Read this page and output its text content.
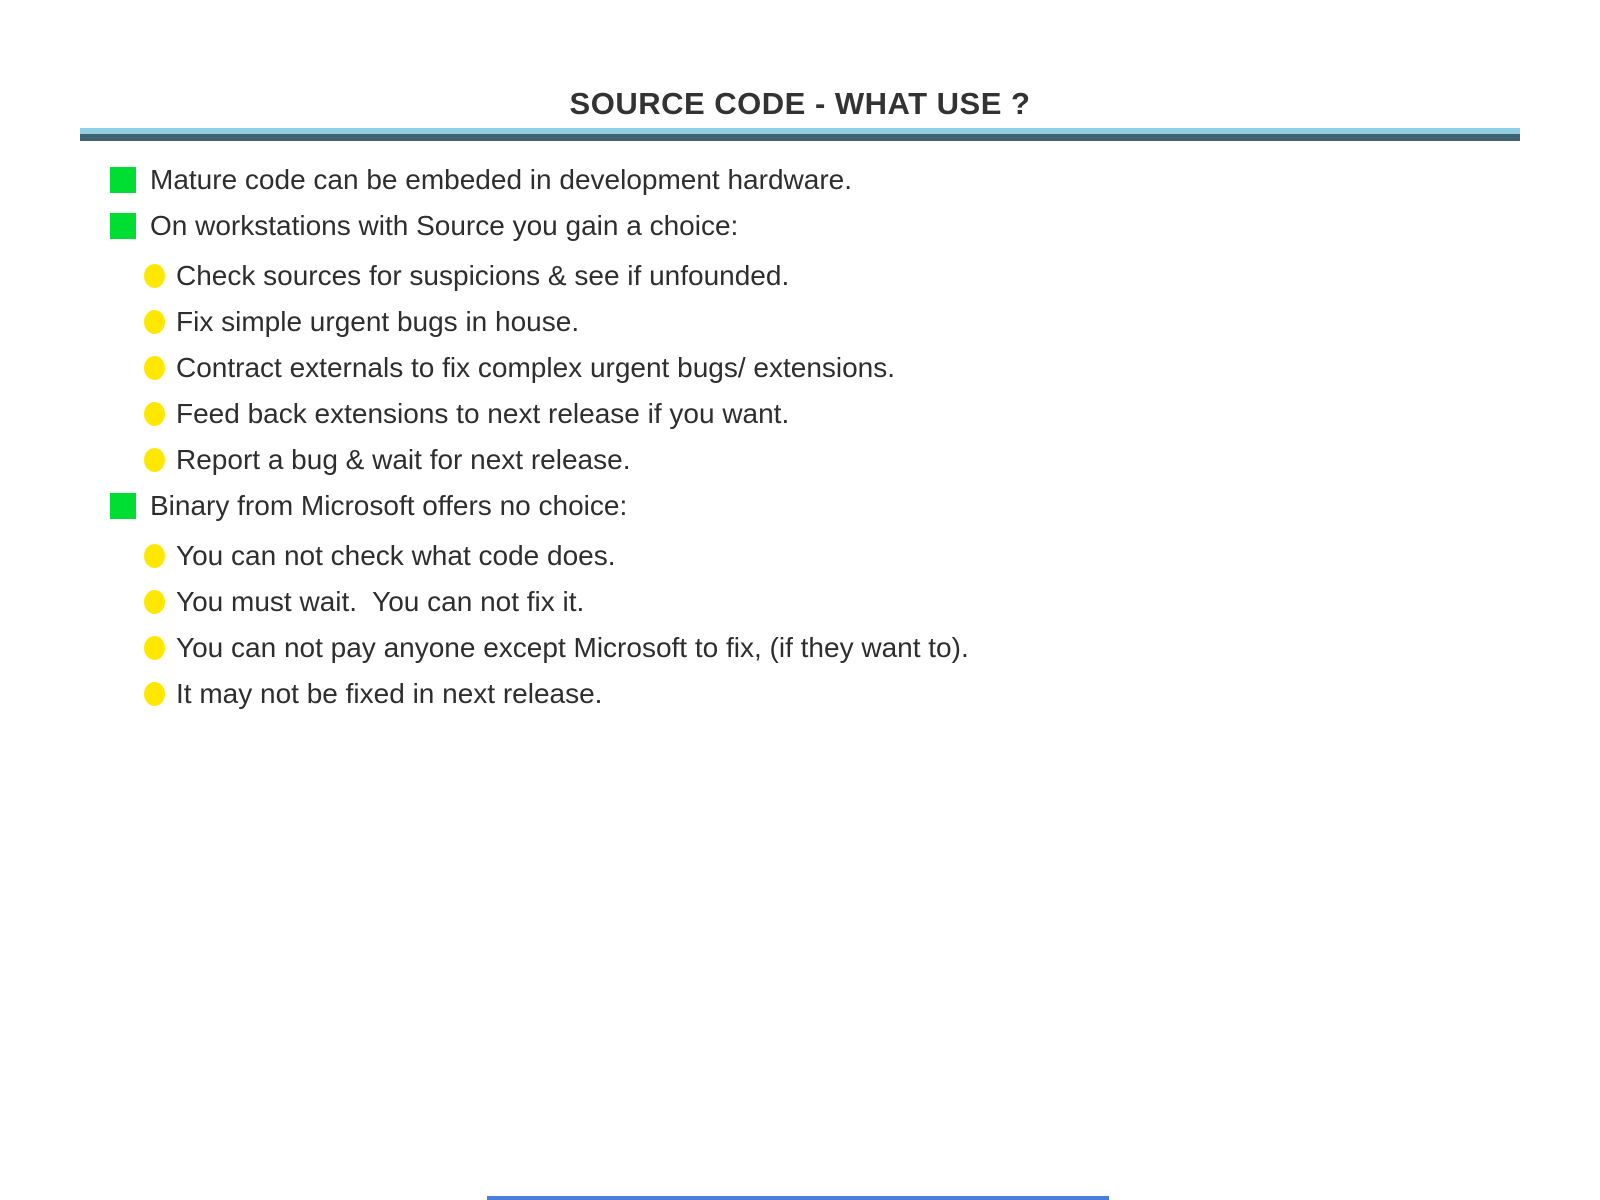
SOURCE CODE - WHAT USE ?
Mature code can be embeded in development hardware.
On workstations with Source you gain a choice:
Check sources for suspicions & see if unfounded.
Fix simple urgent bugs in house.
Contract externals to fix complex urgent bugs/ extensions.
Feed back extensions to next release if you want.
Report a bug & wait for next release.
Binary from Microsoft offers no choice:
You can not check what code does.
You must wait.  You can not fix it.
You can not pay anyone except Microsoft to fix, (if they want to).
It may not be fixed in next release.
